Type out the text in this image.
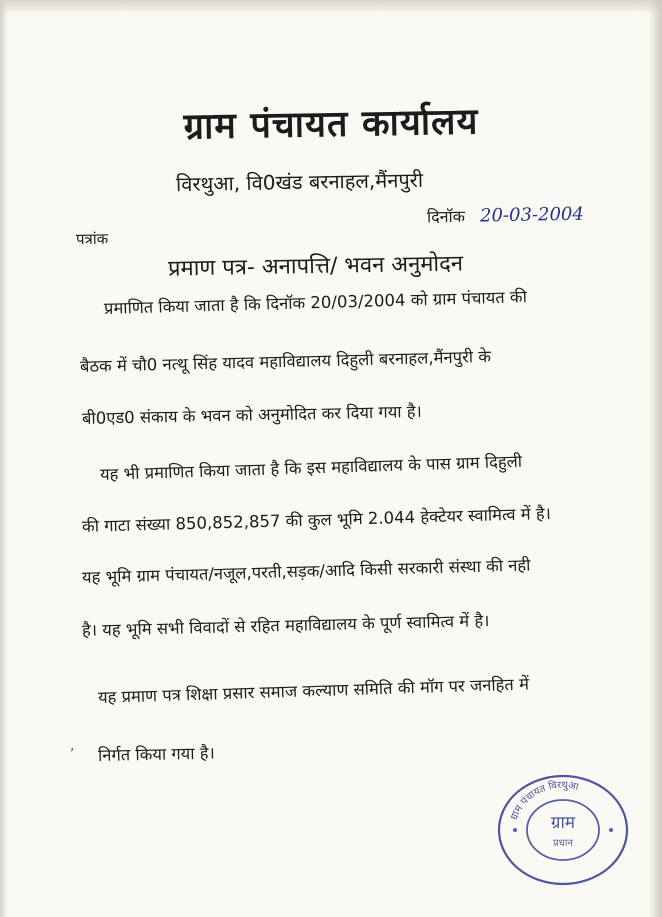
ग्राम पंचायत कार्यालय
विरथुआ, वि0खंड बरनाहल,मैंनपुरी
दिनॉक 20-03-2004
पत्रांक
प्रमाण पत्र- अनापत्ति/ भवन अनुमोदन
प्रमाणित किया जाता है कि दिनॉक 20/03/2004 को ग्राम पंचायत की
बैठक में चौ0 नत्थू सिंह यादव महाविद्यालय दिहुली बरनाहल,मैंनपुरी के
बी0एड0 संकाय के भवन को अनुमोदित कर दिया गया है।
यह भी प्रमाणित किया जाता है कि इस महाविद्यालय के पास ग्राम दिहुली
की गाटा संख्या 850,852,857 की कुल भूमि 2.044 हेक्टेयर स्वामित्व में है।
यह भूमि ग्राम पंचायत/नजूल,परती,सड़क/आदि किसी सरकारी संस्था की नही
है। यह भूमि सभी विवादों से रहित महाविद्यालय के पूर्ण स्वामित्व में है।
यह प्रमाण पत्र शिक्षा प्रसार समाज कल्याण समिति की मॉग पर जनहित में
निर्गत किया गया है।
,
ग्राम पंचायत विरथुआ
ग्राम
प्रधान
